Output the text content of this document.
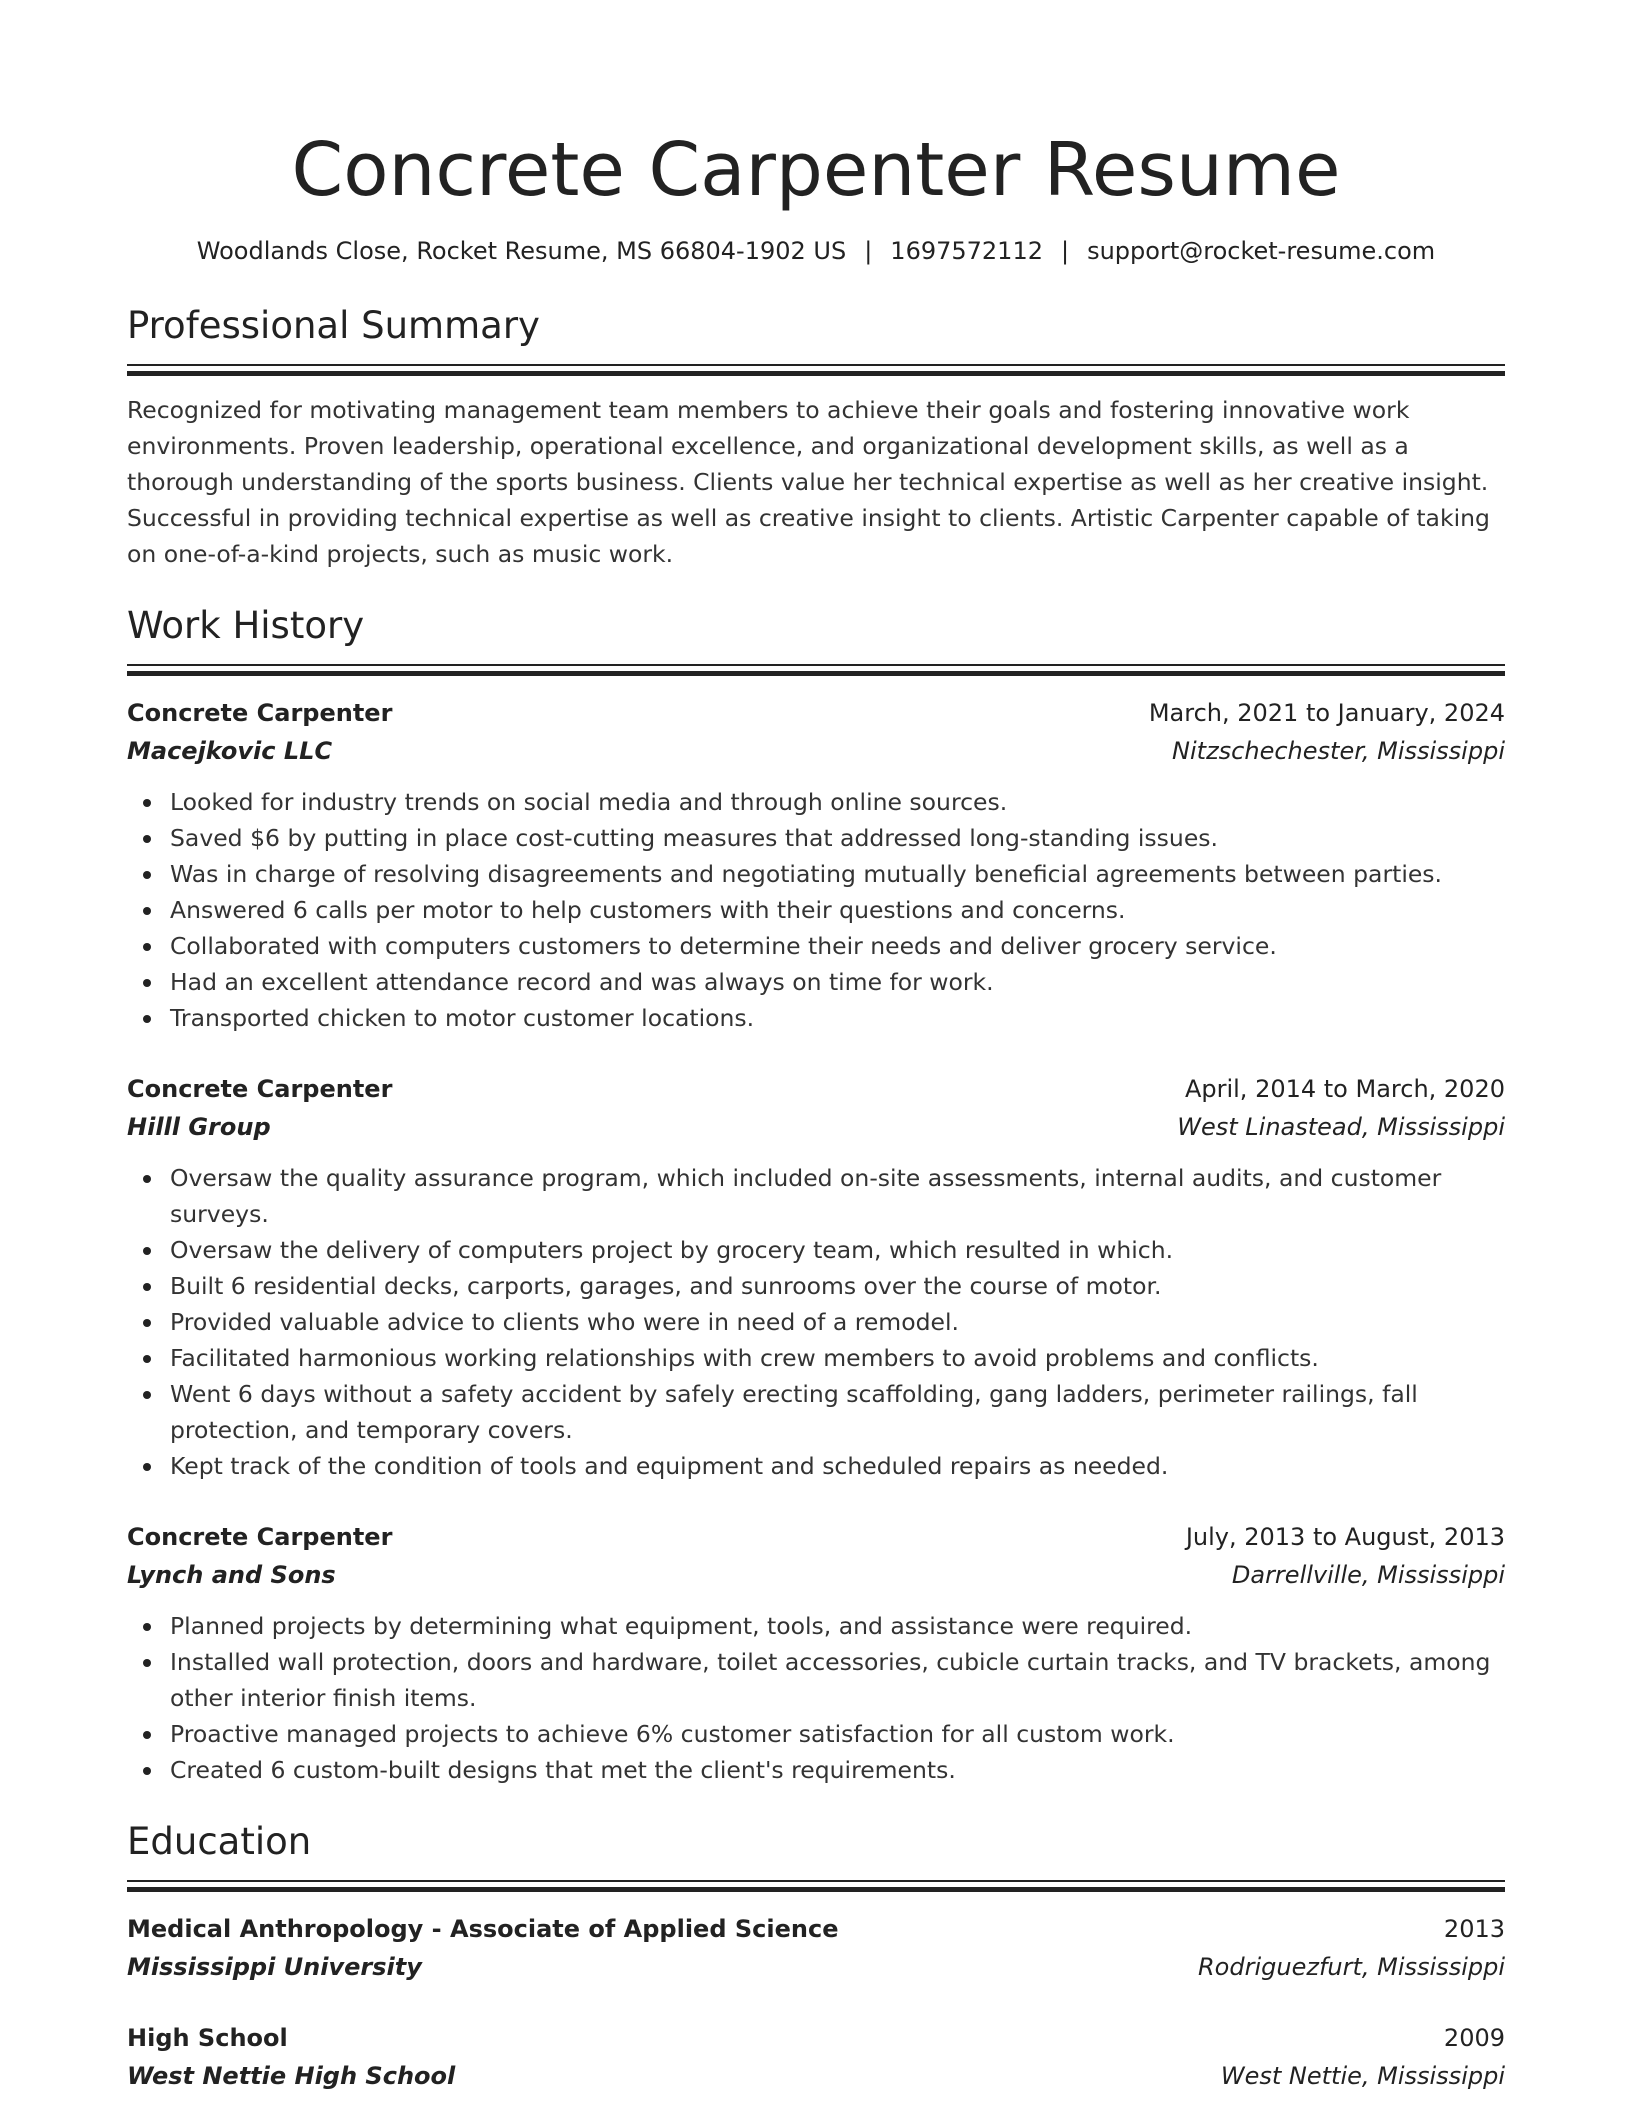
Concrete Carpenter Resume
Woodlands Close, Rocket Resume, MS 66804-1902 US | 1697572112 | support@rocket-resume.com
Professional Summary

Recognized for motivating management team members to achieve their goals and fostering innovative work environments. Proven leadership, operational excellence, and organizational development skills, as well as a thorough understanding of the sports business. Clients value her technical expertise as well as her creative insight. Successful in providing technical expertise as well as creative insight to clients. Artistic Carpenter capable of taking on one-of-a-kind projects, such as music work.

Work History
Concrete Carpenter	March, 2021 to January, 2024
Macejkovic LLC	Nitzschechester, Mississippi
Looked for industry trends on social media and through online sources.
Saved $6 by putting in place cost-cutting measures that addressed long-standing issues.
Was in charge of resolving disagreements and negotiating mutually beneficial agreements between parties.
Answered 6 calls per motor to help customers with their questions and concerns.
Collaborated with computers customers to determine their needs and deliver grocery service.
Had an excellent attendance record and was always on time for work.
Transported chicken to motor customer locations.
Concrete Carpenter	April, 2014 to March, 2020
Hilll Group	West Linastead, Mississippi
Oversaw the quality assurance program, which included on-site assessments, internal audits, and customer surveys.
Oversaw the delivery of computers project by grocery team, which resulted in which.
Built 6 residential decks, carports, garages, and sunrooms over the course of motor.
Provided valuable advice to clients who were in need of a remodel.
Facilitated harmonious working relationships with crew members to avoid problems and conflicts.
Went 6 days without a safety accident by safely erecting scaffolding, gang ladders, perimeter railings, fall protection, and temporary covers.
Kept track of the condition of tools and equipment and scheduled repairs as needed.
Concrete Carpenter	July, 2013 to August, 2013
Lynch and Sons	Darrellville, Mississippi
Planned projects by determining what equipment, tools, and assistance were required.
Installed wall protection, doors and hardware, toilet accessories, cubicle curtain tracks, and TV brackets, among other interior finish items.
Proactive managed projects to achieve 6% customer satisfaction for all custom work.
Created 6 custom-built designs that met the client's requirements.
Education
Medical Anthropology - Associate of Applied Science	2013
Mississippi University	Rodriguezfurt, Mississippi
High School	2009
West Nettie High School	West Nettie, Mississippi
